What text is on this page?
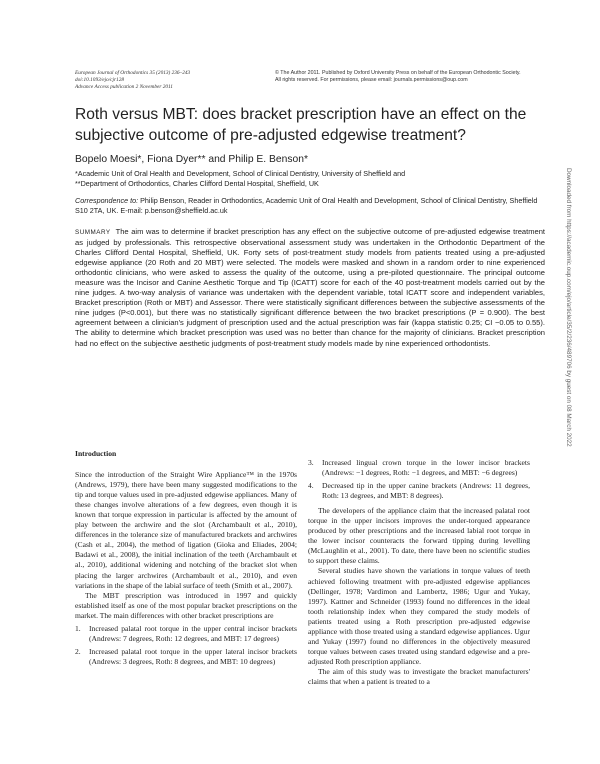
European Journal of Orthodontics 35 (2013) 236–243
doi:10.1093/ejo/cjr128
Advance Access publication 2 November 2011
© The Author 2011. Published by Oxford University Press on behalf of the European Orthodontic Society.
All rights reserved. For permissions, please email: journals.permissions@oup.com
Roth versus MBT: does bracket prescription have an effect on the subjective outcome of pre-adjusted edgewise treatment?
Bopelo Moesi*, Fiona Dyer** and Philip E. Benson*
*Academic Unit of Oral Health and Development, School of Clinical Dentistry, University of Sheffield and
**Department of Orthodontics, Charles Clifford Dental Hospital, Sheffield, UK
Correspondence to: Philip Benson, Reader in Orthodontics, Academic Unit of Oral Health and Development, School of Clinical Dentistry, Sheffield S10 2TA, UK. E-mail: p.benson@sheffield.ac.uk

SUMMARY The aim was to determine if bracket prescription has any effect on the subjective outcome of pre-adjusted edgewise treatment as judged by professionals. This retrospective observational assessment study was undertaken in the Orthodontic Department of the Charles Clifford Dental Hospital, Sheffield, UK. Forty sets of post-treatment study models from patients treated using a pre-adjusted edgewise appliance (20 Roth and 20 MBT) were selected. The models were masked and shown in a random order to nine experienced orthodontic clinicians, who were asked to assess the quality of the outcome, using a pre-piloted questionnaire. The principal outcome measure was the Incisor and Canine Aesthetic Torque and Tip (ICATT) score for each of the 40 post-treatment models carried out by the nine judges. A two-way analysis of variance was undertaken with the dependent variable, total ICATT score and independent variables, Bracket prescription (Roth or MBT) and Assessor. There were statistically significant differences between the subjective assessments of the nine judges (P<0.001), but there was no statistically significant difference between the two bracket prescriptions (P = 0.900). The best agreement between a clinician's judgment of prescription used and the actual prescription was fair (kappa statistic 0.25; CI −0.05 to 0.55). The ability to determine which bracket prescription was used was no better than chance for the majority of clinicians. Bracket prescription had no effect on the subjective aesthetic judgments of post-treatment study models made by nine experienced orthodontists.

Introduction

Since the introduction of the Straight Wire Appliance™ in the 1970s (Andrews, 1979), there have been many suggested modifications to the tip and torque values used in pre-adjusted edgewise appliances. Many of these changes involve alterations of a few degrees, even though it is known that torque expression in particular is affected by the amount of play between the archwire and the slot (Archambault et al., 2010), differences in the tolerance size of manufactured brackets and archwires (Cash et al., 2004), the method of ligation (Gioka and Eliades, 2004; Badawi et al., 2008), the initial inclination of the teeth (Archambault et al., 2010), additional widening and notching of the bracket slot when placing the larger archwires (Archambault et al., 2010), and even variations in the shape of the labial surface of teeth (Smith et al., 2007).

The MBT prescription was introduced in 1997 and quickly established itself as one of the most popular bracket prescriptions on the market. The main differences with other bracket prescriptions are

1. Increased palatal root torque in the upper central incisor brackets (Andrews: 7 degrees, Roth: 12 degrees, and MBT: 17 degrees)
2. Increased palatal root torque in the upper lateral incisor brackets (Andrews: 3 degrees, Roth: 8 degrees, and MBT: 10 degrees)
3. Increased lingual crown torque in the lower incisor brackets (Andrews: −1 degrees, Roth: −1 degrees, and MBT: −6 degrees)
4. Decreased tip in the upper canine brackets (Andrews: 11 degrees, Roth: 13 degrees, and MBT: 8 degrees).

The developers of the appliance claim that the increased palatal root torque in the upper incisors improves the under-torqued appearance produced by other prescriptions and the increased labial root torque in the lower incisor counteracts the forward tipping during levelling (McLaughlin et al., 2001). To date, there have been no scientific studies to support these claims.

Several studies have shown the variations in torque values of teeth achieved following treatment with pre-adjusted edgewise appliances (Dellinger, 1978; Vardimon and Lambertz, 1986; Ugur and Yukay, 1997). Kattner and Schneider (1993) found no differences in the ideal tooth relationship index when they compared the study models of patients treated using a Roth prescription pre-adjusted edgewise appliance with those treated using a standard edgewise appliances. Ugur and Yukay (1997) found no differences in the objectively measured torque values between cases treated using standard edgewise and a pre-adjusted Roth prescription appliance.

The aim of this study was to investigate the bracket manufacturers' claims that when a patient is treated to a

Downloaded from https://academic.oup.com/ejo/article/35/2/236/489706 by guest on 08 March 2022
